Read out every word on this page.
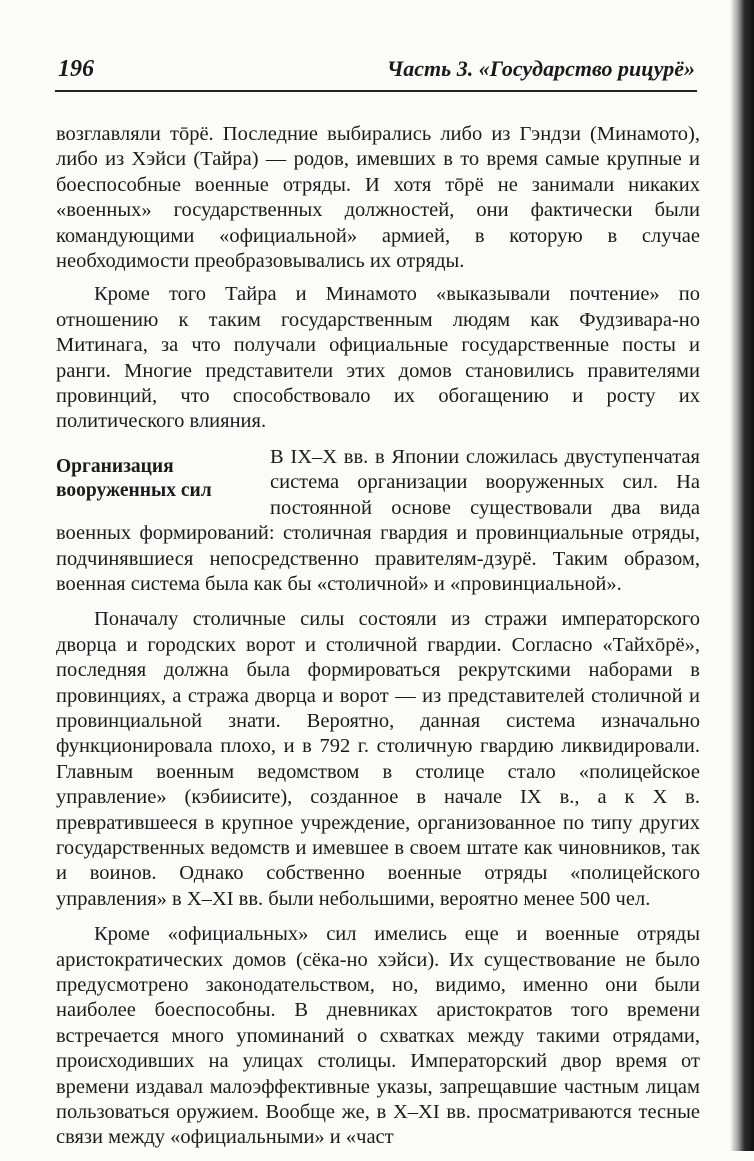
196	Часть 3. «Государство рицурё»

возглавляли тōрё. Последние выбирались либо из Гэндзи (Минамото), либо из Хэйси (Тайра) — родов, имевших в то время самые крупные и боеспособные военные отряды. И хотя тōрё не занимали никаких «военных» государственных должностей, они фактически были командующими «официальной» армией, в которую в случае необходимости преобразовывались их отряды.

Кроме того Тайра и Минамото «выказывали почтение» по отношению к таким государственным людям как Фудзивара-но Митинага, за что получали официальные государственные посты и ранги. Многие представители этих домов становились правителями провинций, что способствовало их обогащению и росту их политического влияния.

Организация вооруженных сил

В IX–X вв. в Японии сложилась двуступенчатая система организации вооруженных сил. На постоянной основе существовали два вида военных формирований: столичная гвардия и провинциальные отряды, подчинявшиеся непосредственно правителям-дзурё. Таким образом, военная система была как бы «столичной» и «провинциальной».

Поначалу столичные силы состояли из стражи императорского дворца и городских ворот и столичной гвардии. Согласно «Тайхōрё», последняя должна была формироваться рекрутскими наборами в провинциях, а стража дворца и ворот — из представителей столичной и провинциальной знати. Вероятно, данная система изначально функционировала плохо, и в 792 г. столичную гвардию ликвидировали. Главным военным ведомством в столице стало «полицейское управление» (кэбиисите), созданное в начале IX в., а к X в. превратившееся в крупное учреждение, организованное по типу других государственных ведомств и имевшее в своем штате как чиновников, так и воинов. Однако собственно военные отряды «полицейского управления» в X–XI вв. были небольшими, вероятно менее 500 чел.

Кроме «официальных» сил имелись еще и военные отряды аристократических домов (сёка-но хэйси). Их существование не было предусмотрено законодательством, но, видимо, именно они были наиболее боеспособны. В дневниках аристократов того времени встречается много упоминаний о схватках между такими отрядами, происходивших на улицах столицы. Императорский двор время от времени издавал малоэффективные указы, запрещавшие частным лицам пользоваться оружием. Вообще же, в X–XI вв. просматриваются тесные связи между «официальными» и «част
